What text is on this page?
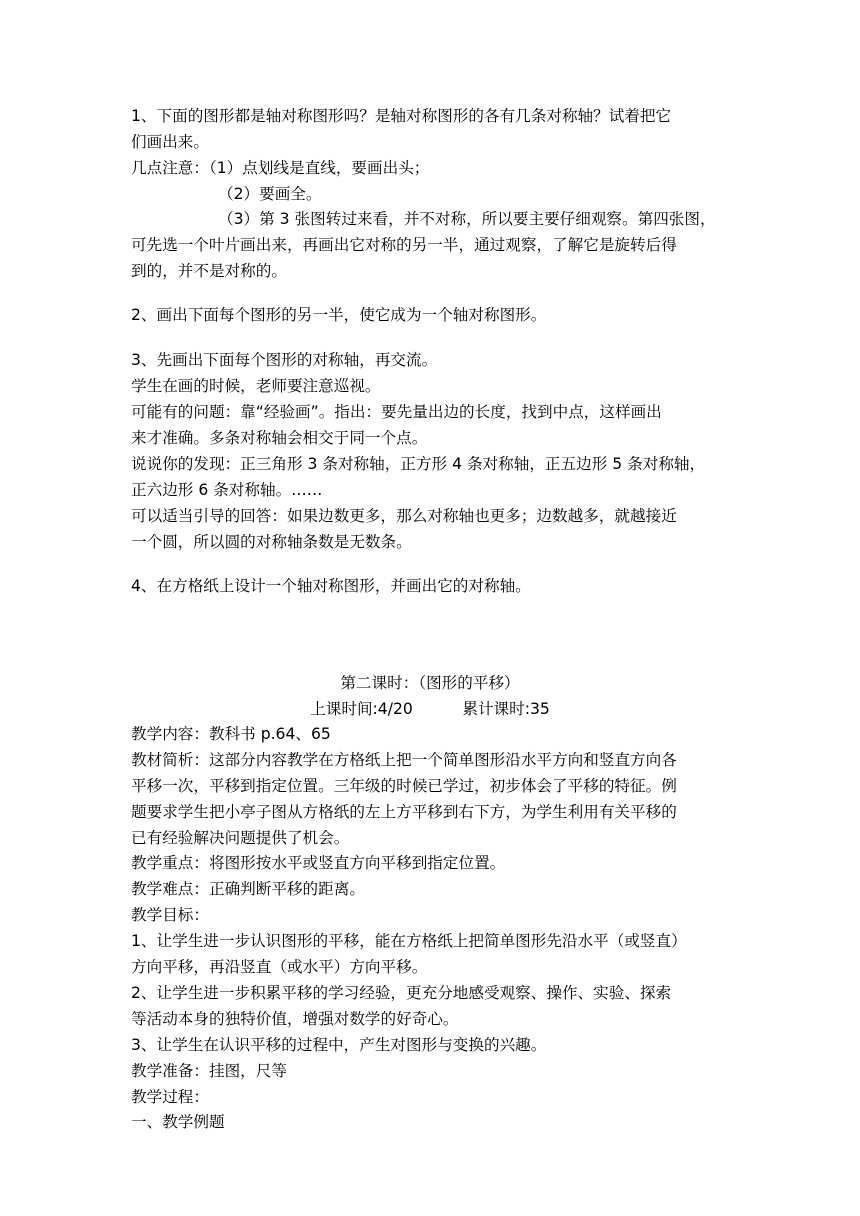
1、下面的图形都是轴对称图形吗？是轴对称图形的各有几条对称轴？试着把它
们画出来。
几点注意：（1）点划线是直线，要画出头；
（2）要画全。
（3）第 3 张图转过来看，并不对称，所以要主要仔细观察。第四张图，
可先选一个叶片画出来，再画出它对称的另一半，通过观察，了解它是旋转后得
到的，并不是对称的。
2、画出下面每个图形的另一半，使它成为一个轴对称图形。
3、先画出下面每个图形的对称轴，再交流。
学生在画的时候，老师要注意巡视。
可能有的问题：靠“经验画”。指出：要先量出边的长度，找到中点，这样画出
来才准确。多条对称轴会相交于同一个点。
说说你的发现：正三角形 3 条对称轴，正方形 4 条对称轴，正五边形 5 条对称轴，
正六边形 6 条对称轴。……
可以适当引导的回答：如果边数更多，那么对称轴也更多；边数越多，就越接近
一个圆，所以圆的对称轴条数是无数条。
4、在方格纸上设计一个轴对称图形，并画出它的对称轴。
第二课时：（图形的平移）
上课时间:4/20          累计课时:35
教学内容：教科书 p.64、65
教材简析：这部分内容教学在方格纸上把一个简单图形沿水平方向和竖直方向各
平移一次，平移到指定位置。三年级的时候已学过，初步体会了平移的特征。例
题要求学生把小亭子图从方格纸的左上方平移到右下方，为学生利用有关平移的
已有经验解决问题提供了机会。
教学重点：将图形按水平或竖直方向平移到指定位置。
教学难点：正确判断平移的距离。
教学目标：
1、让学生进一步认识图形的平移，能在方格纸上把简单图形先沿水平（或竖直）
方向平移，再沿竖直（或水平）方向平移。
2、让学生进一步积累平移的学习经验，更充分地感受观察、操作、实验、探索
等活动本身的独特价值，增强对数学的好奇心。
3、让学生在认识平移的过程中，产生对图形与变换的兴趣。
教学准备：挂图，尺等
教学过程：
一、教学例题
